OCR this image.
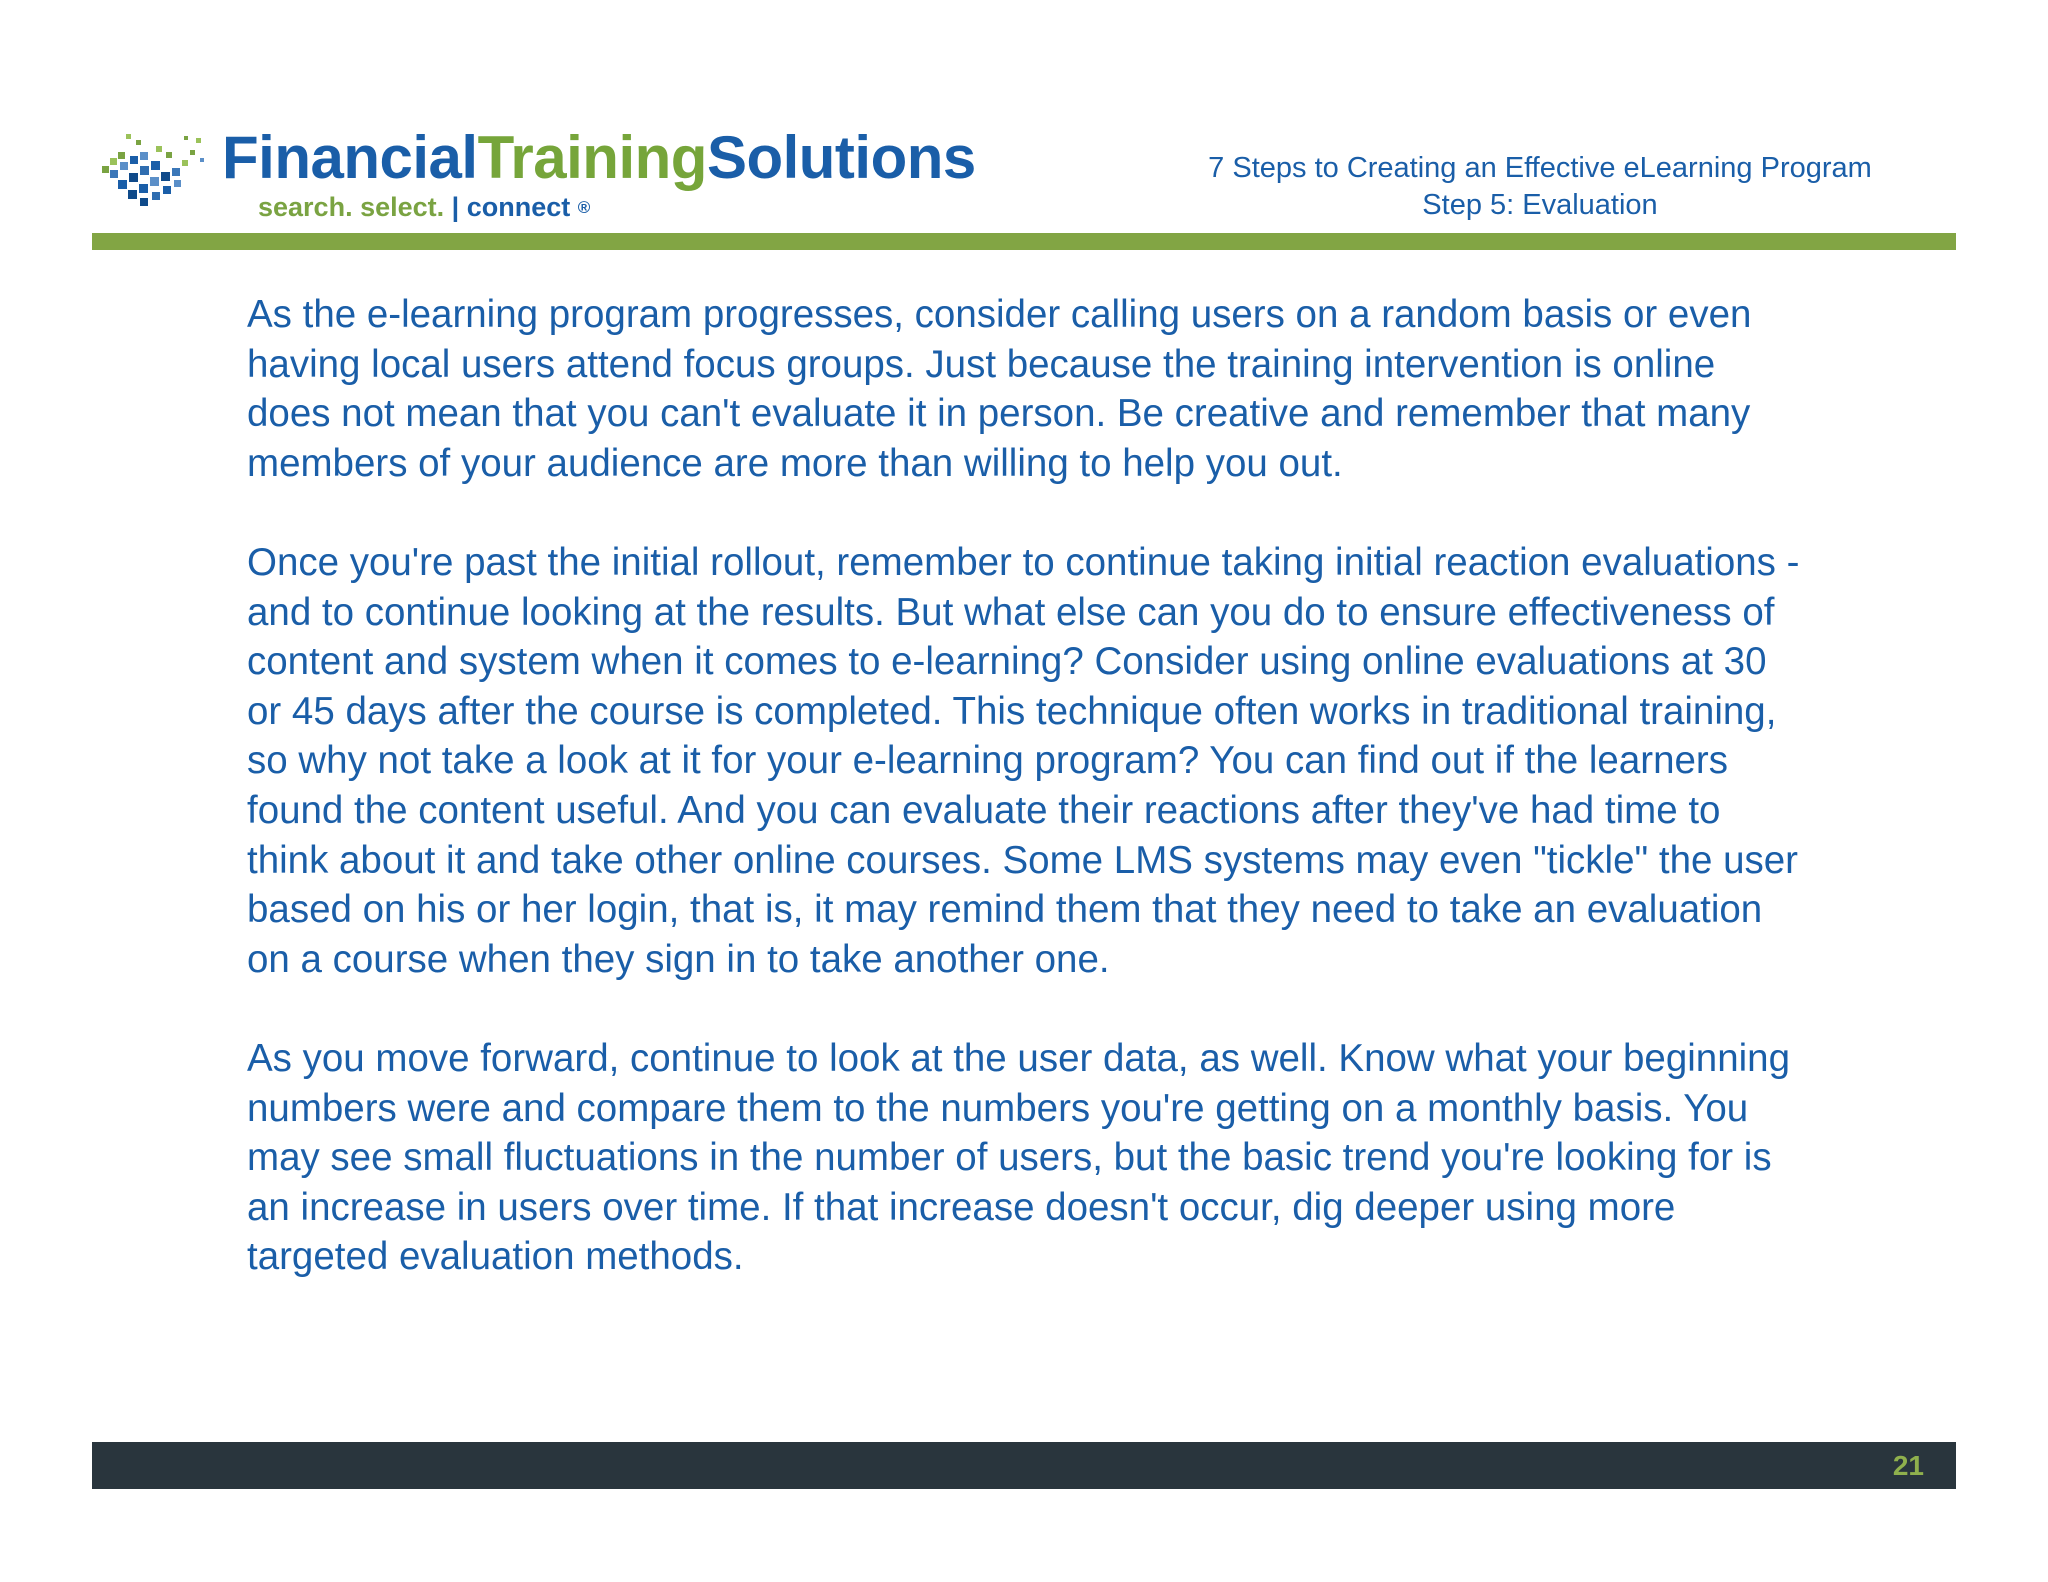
FinancialTrainingSolutions
search. select. | connect ®
7 Steps to Creating an Effective eLearning Program
Step 5: Evaluation

As the e-learning program progresses, consider calling users on a random basis or even having local users attend focus groups. Just because the training intervention is online does not mean that you can't evaluate it in person. Be creative and remember that many members of your audience are more than willing to help you out.

Once you're past the initial rollout, remember to continue taking initial reaction evaluations -and to continue looking at the results. But what else can you do to ensure effectiveness of content and system when it comes to e-learning? Consider using online evaluations at 30 or 45 days after the course is completed. This technique often works in traditional training, so why not take a look at it for your e-learning program? You can find out if the learners found the content useful. And you can evaluate their reactions after they've had time to think about it and take other online courses. Some LMS systems may even "tickle" the user based on his or her login, that is, it may remind them that they need to take an evaluation on a course when they sign in to take another one.

As you move forward, continue to look at the user data, as well. Know what your beginning numbers were and compare them to the numbers you're getting on a monthly basis. You may see small fluctuations in the number of users, but the basic trend you're looking for is an increase in users over time. If that increase doesn't occur, dig deeper using more targeted evaluation methods.

21
